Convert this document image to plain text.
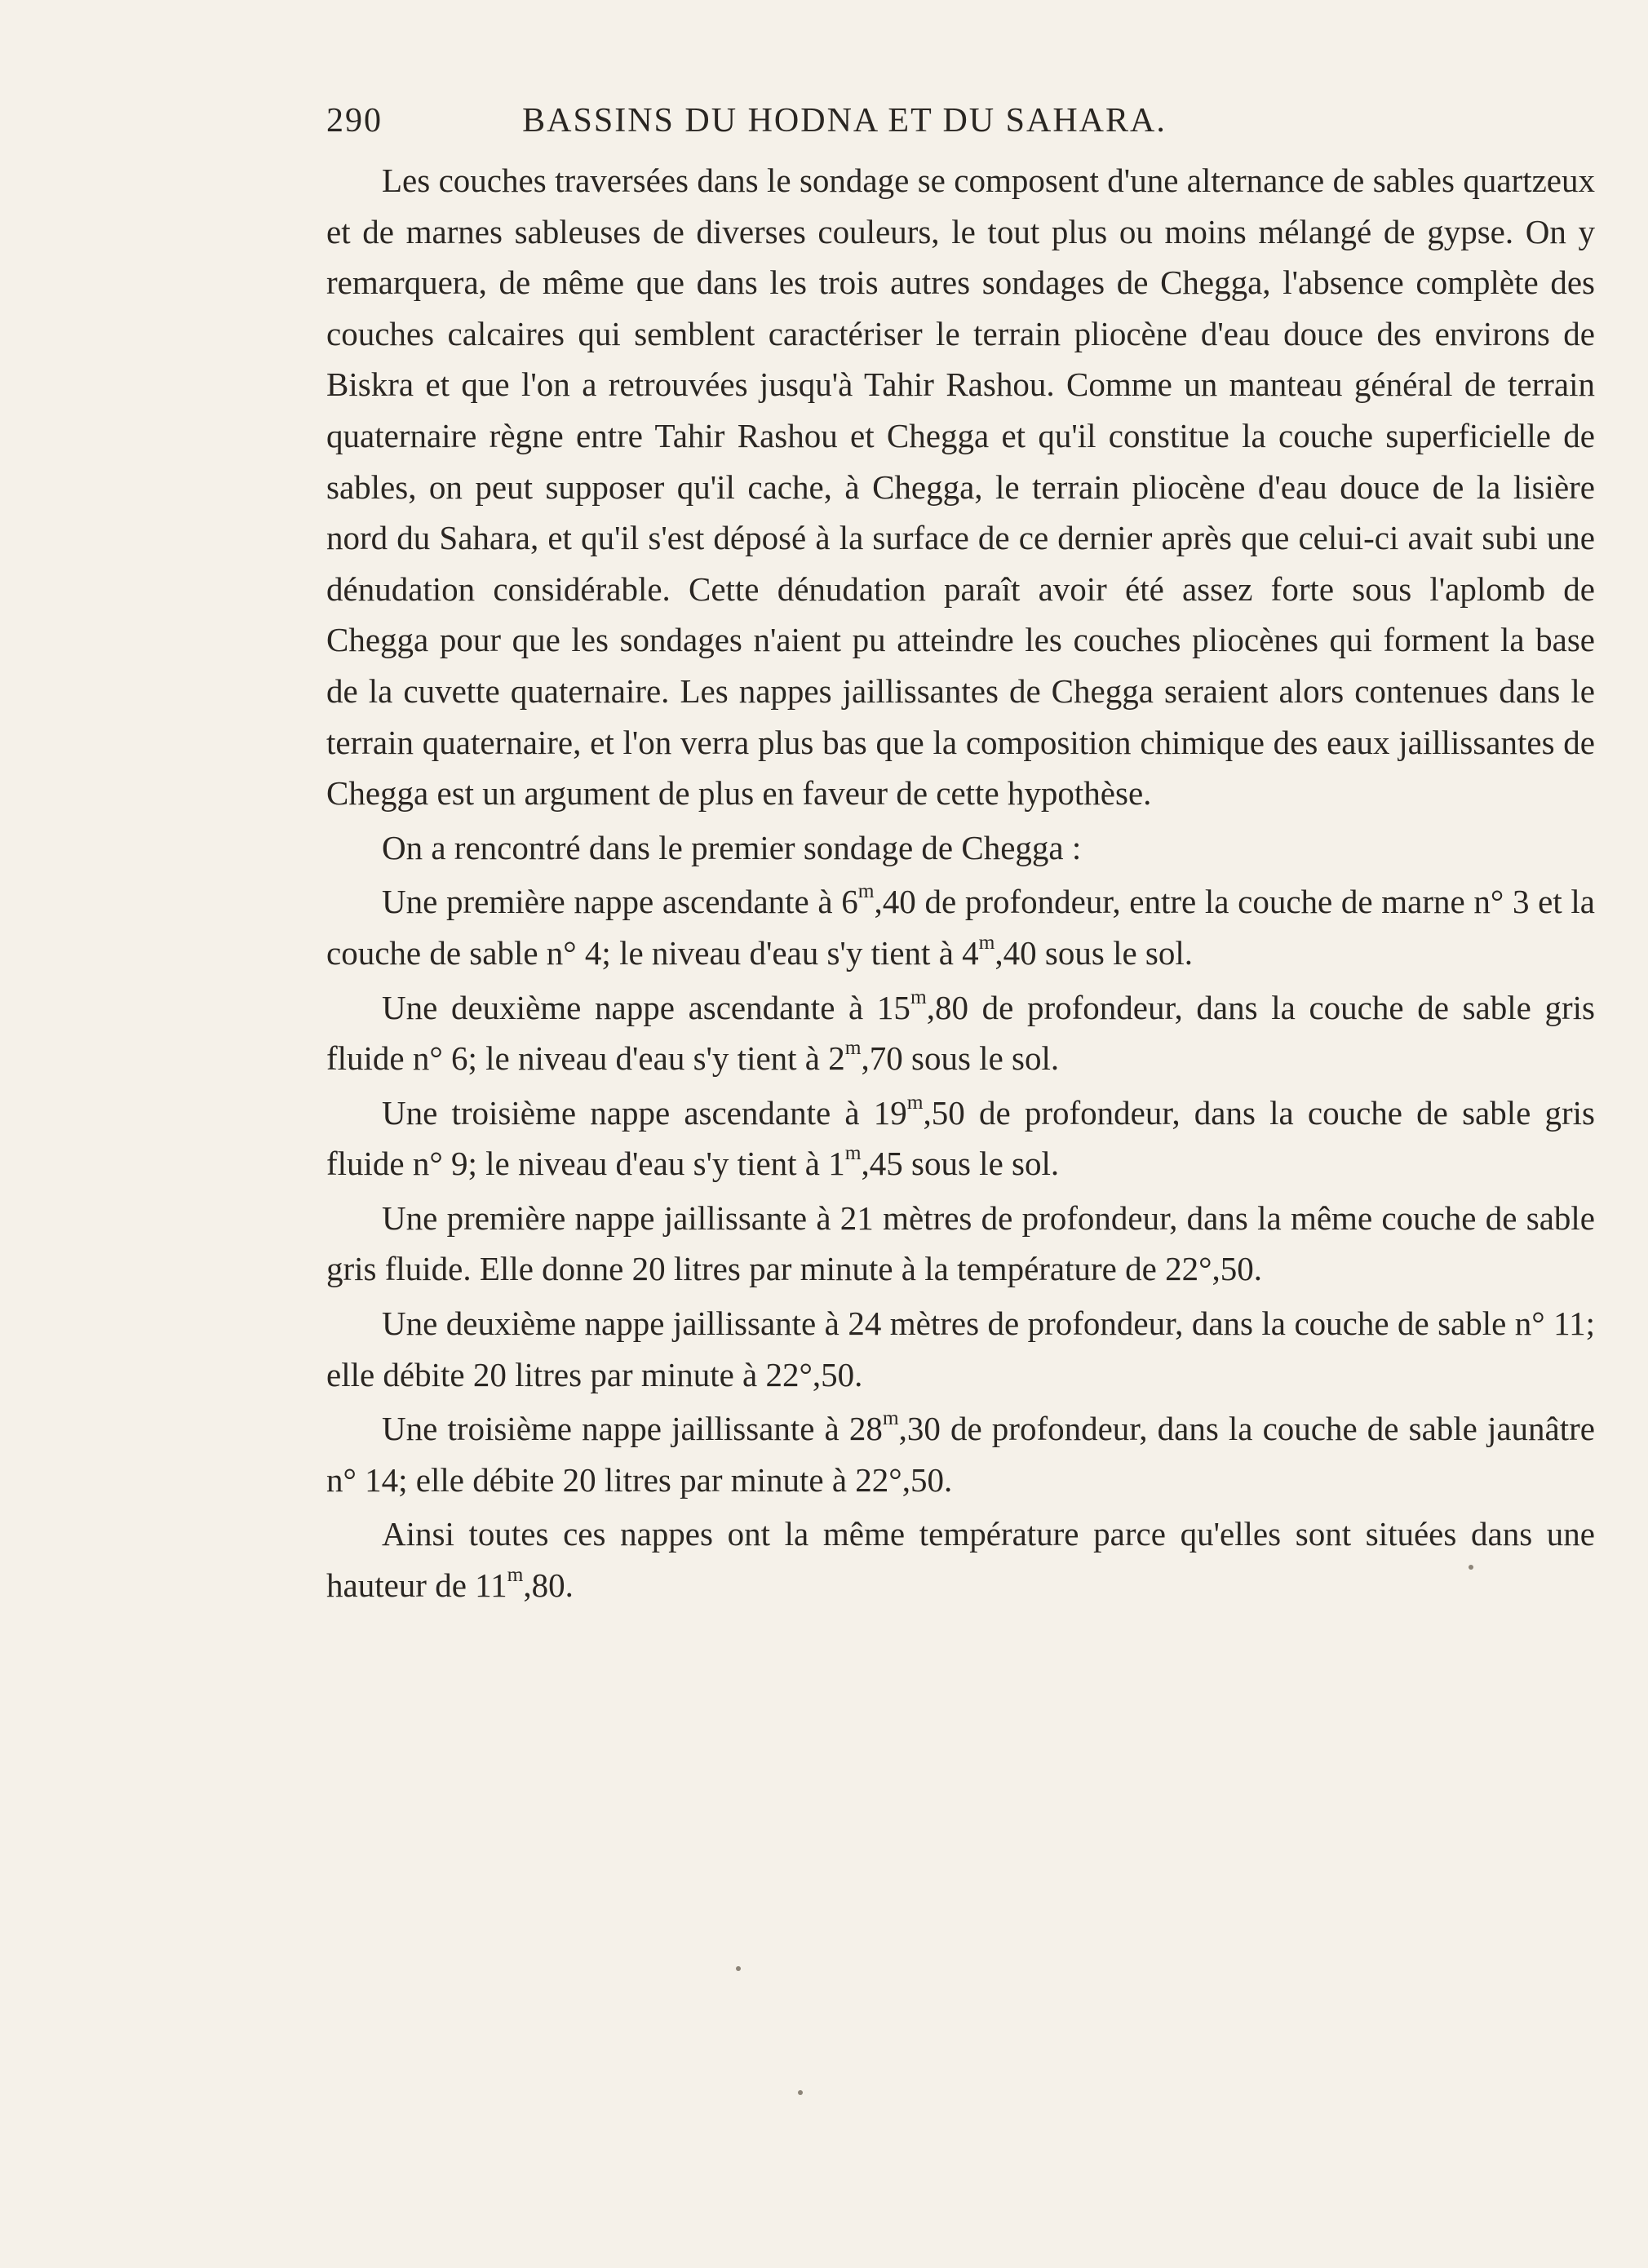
290	BASSINS DU HODNA ET DU SAHARA.

Les couches traversées dans le sondage se composent d'une alternance de sables quartzeux et de marnes sableuses de diverses couleurs, le tout plus ou moins mélangé de gypse. On y remarquera, de même que dans les trois autres sondages de Chegga, l'absence complète des couches calcaires qui semblent caractériser le terrain pliocène d'eau douce des environs de Biskra et que l'on a retrouvées jusqu'à Tahir Rashou. Comme un manteau général de terrain quaternaire règne entre Tahir Rashou et Chegga et qu'il constitue la couche superficielle de sables, on peut supposer qu'il cache, à Chegga, le terrain pliocène d'eau douce de la lisière nord du Sahara, et qu'il s'est déposé à la surface de ce dernier après que celui-ci avait subi une dénudation considérable. Cette dénudation paraît avoir été assez forte sous l'aplomb de Chegga pour que les sondages n'aient pu atteindre les couches pliocènes qui forment la base de la cuvette quaternaire. Les nappes jaillissantes de Chegga seraient alors contenues dans le terrain quaternaire, et l'on verra plus bas que la composition chimique des eaux jaillissantes de Chegga est un argument de plus en faveur de cette hypothèse.

On a rencontré dans le premier sondage de Chegga :

Une première nappe ascendante à 6$^m$,40 de profondeur, entre la couche de marne n° 3 et la couche de sable n° 4; le niveau d'eau s'y tient à 4$^m$,40 sous le sol.

Une deuxième nappe ascendante à 15$^m$,80 de profondeur, dans la couche de sable gris fluide n° 6; le niveau d'eau s'y tient à 2$^m$,70 sous le sol.

Une troisième nappe ascendante à 19$^m$,50 de profondeur, dans la couche de sable gris fluide n° 9; le niveau d'eau s'y tient à 1$^m$,45 sous le sol.

Une première nappe jaillissante à 21 mètres de profondeur, dans la même couche de sable gris fluide. Elle donne 20 litres par minute à la température de 22°,50.

Une deuxième nappe jaillissante à 24 mètres de profondeur, dans la couche de sable n° 11; elle débite 20 litres par minute à 22°,50.

Une troisième nappe jaillissante à 28$^m$,30 de profondeur, dans la couche de sable jaunâtre n° 14; elle débite 20 litres par minute à 22°,50.

Ainsi toutes ces nappes ont la même température parce qu'elles sont situées dans une hauteur de 11$^m$,80.
